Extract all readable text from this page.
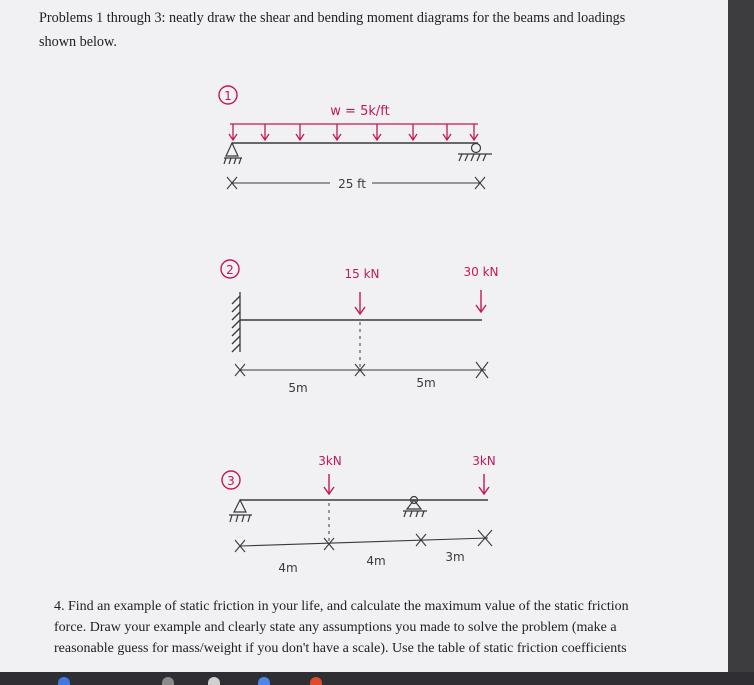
Problems 1 through 3: neatly draw the shear and bending moment diagrams for the beams and loadings
shown below.
1
w = 5k/ft
25 ft
2	15 kN	30 kN
5m	5m
3
3kN	3kN
4m	4m	3m
4. Find an example of static friction in your life, and calculate the maximum value of the static friction
force. Draw your example and clearly state any assumptions you made to solve the problem (make a
reasonable guess for mass/weight if you don't have a scale). Use the table of static friction coefficients
